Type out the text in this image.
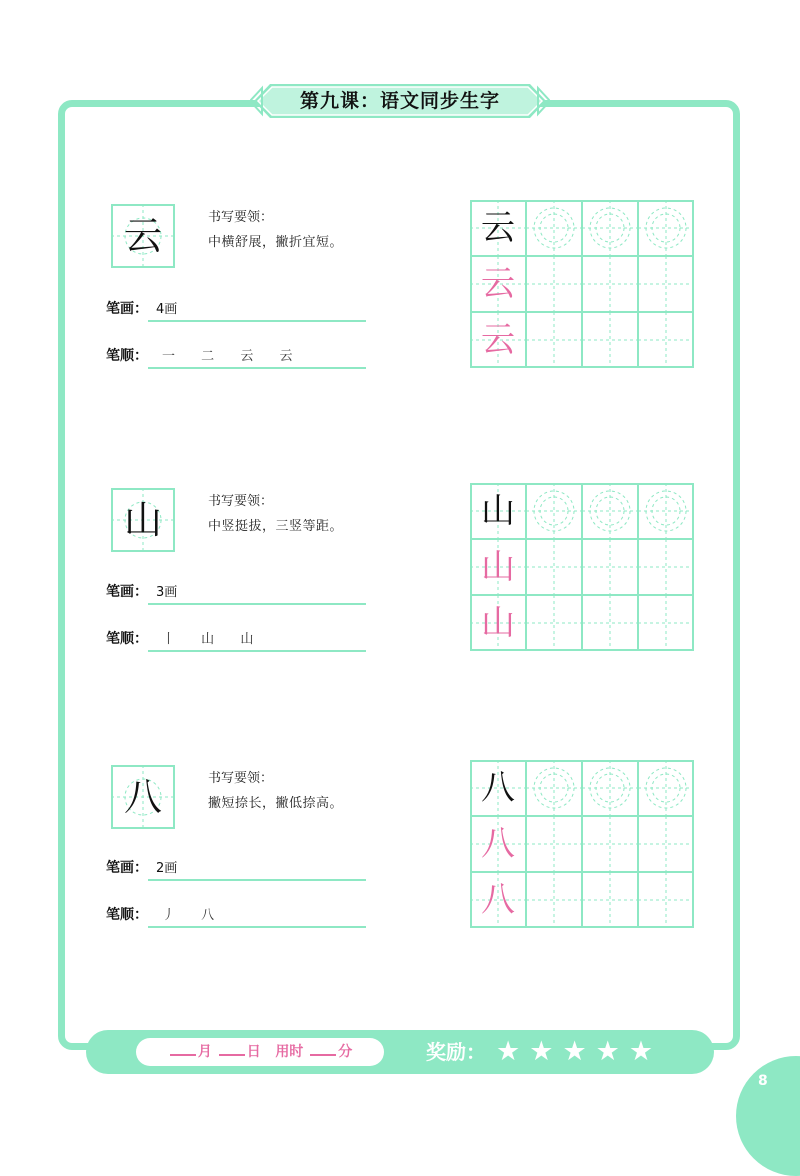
第九课：语文同步生字
云	书写要领：
中横舒展，撇折宜短。
笔画： 4画
笔顺： 一 二 云 云
云
云
云
山	书写要领：
中竖挺拔，三竖等距。
笔画： 3画
笔顺： 丨 山 山
山
山
山
八	书写要领：
撇短捺长，撇低捺高。
笔画： 2画
笔顺： 丿 八
八
八
八
月 日 用时 分	奖励： ★ ★ ★ ★ ★
8
